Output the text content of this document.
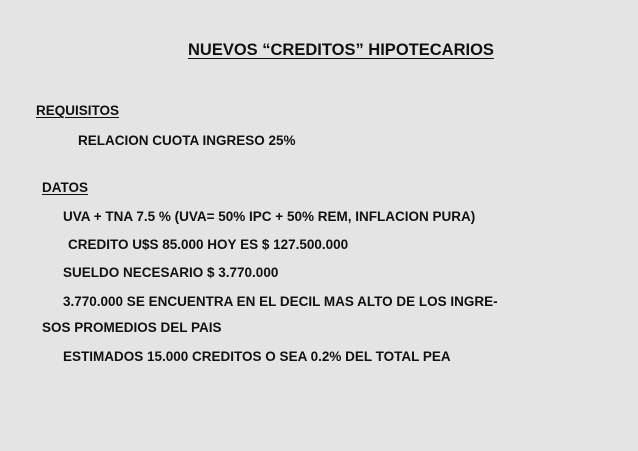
NUEVOS “CREDITOS” HIPOTECARIOS
REQUISITOS
RELACION CUOTA INGRESO 25%
DATOS
UVA + TNA 7.5 % (UVA= 50% IPC + 50% REM, INFLACION PURA)
CREDITO U$S 85.000 HOY ES $ 127.500.000
SUELDO NECESARIO $ 3.770.000
3.770.000 SE ENCUENTRA EN EL DECIL MAS ALTO DE LOS INGRE-
SOS PROMEDIOS DEL PAIS
ESTIMADOS 15.000 CREDITOS O SEA 0.2% DEL TOTAL PEA
